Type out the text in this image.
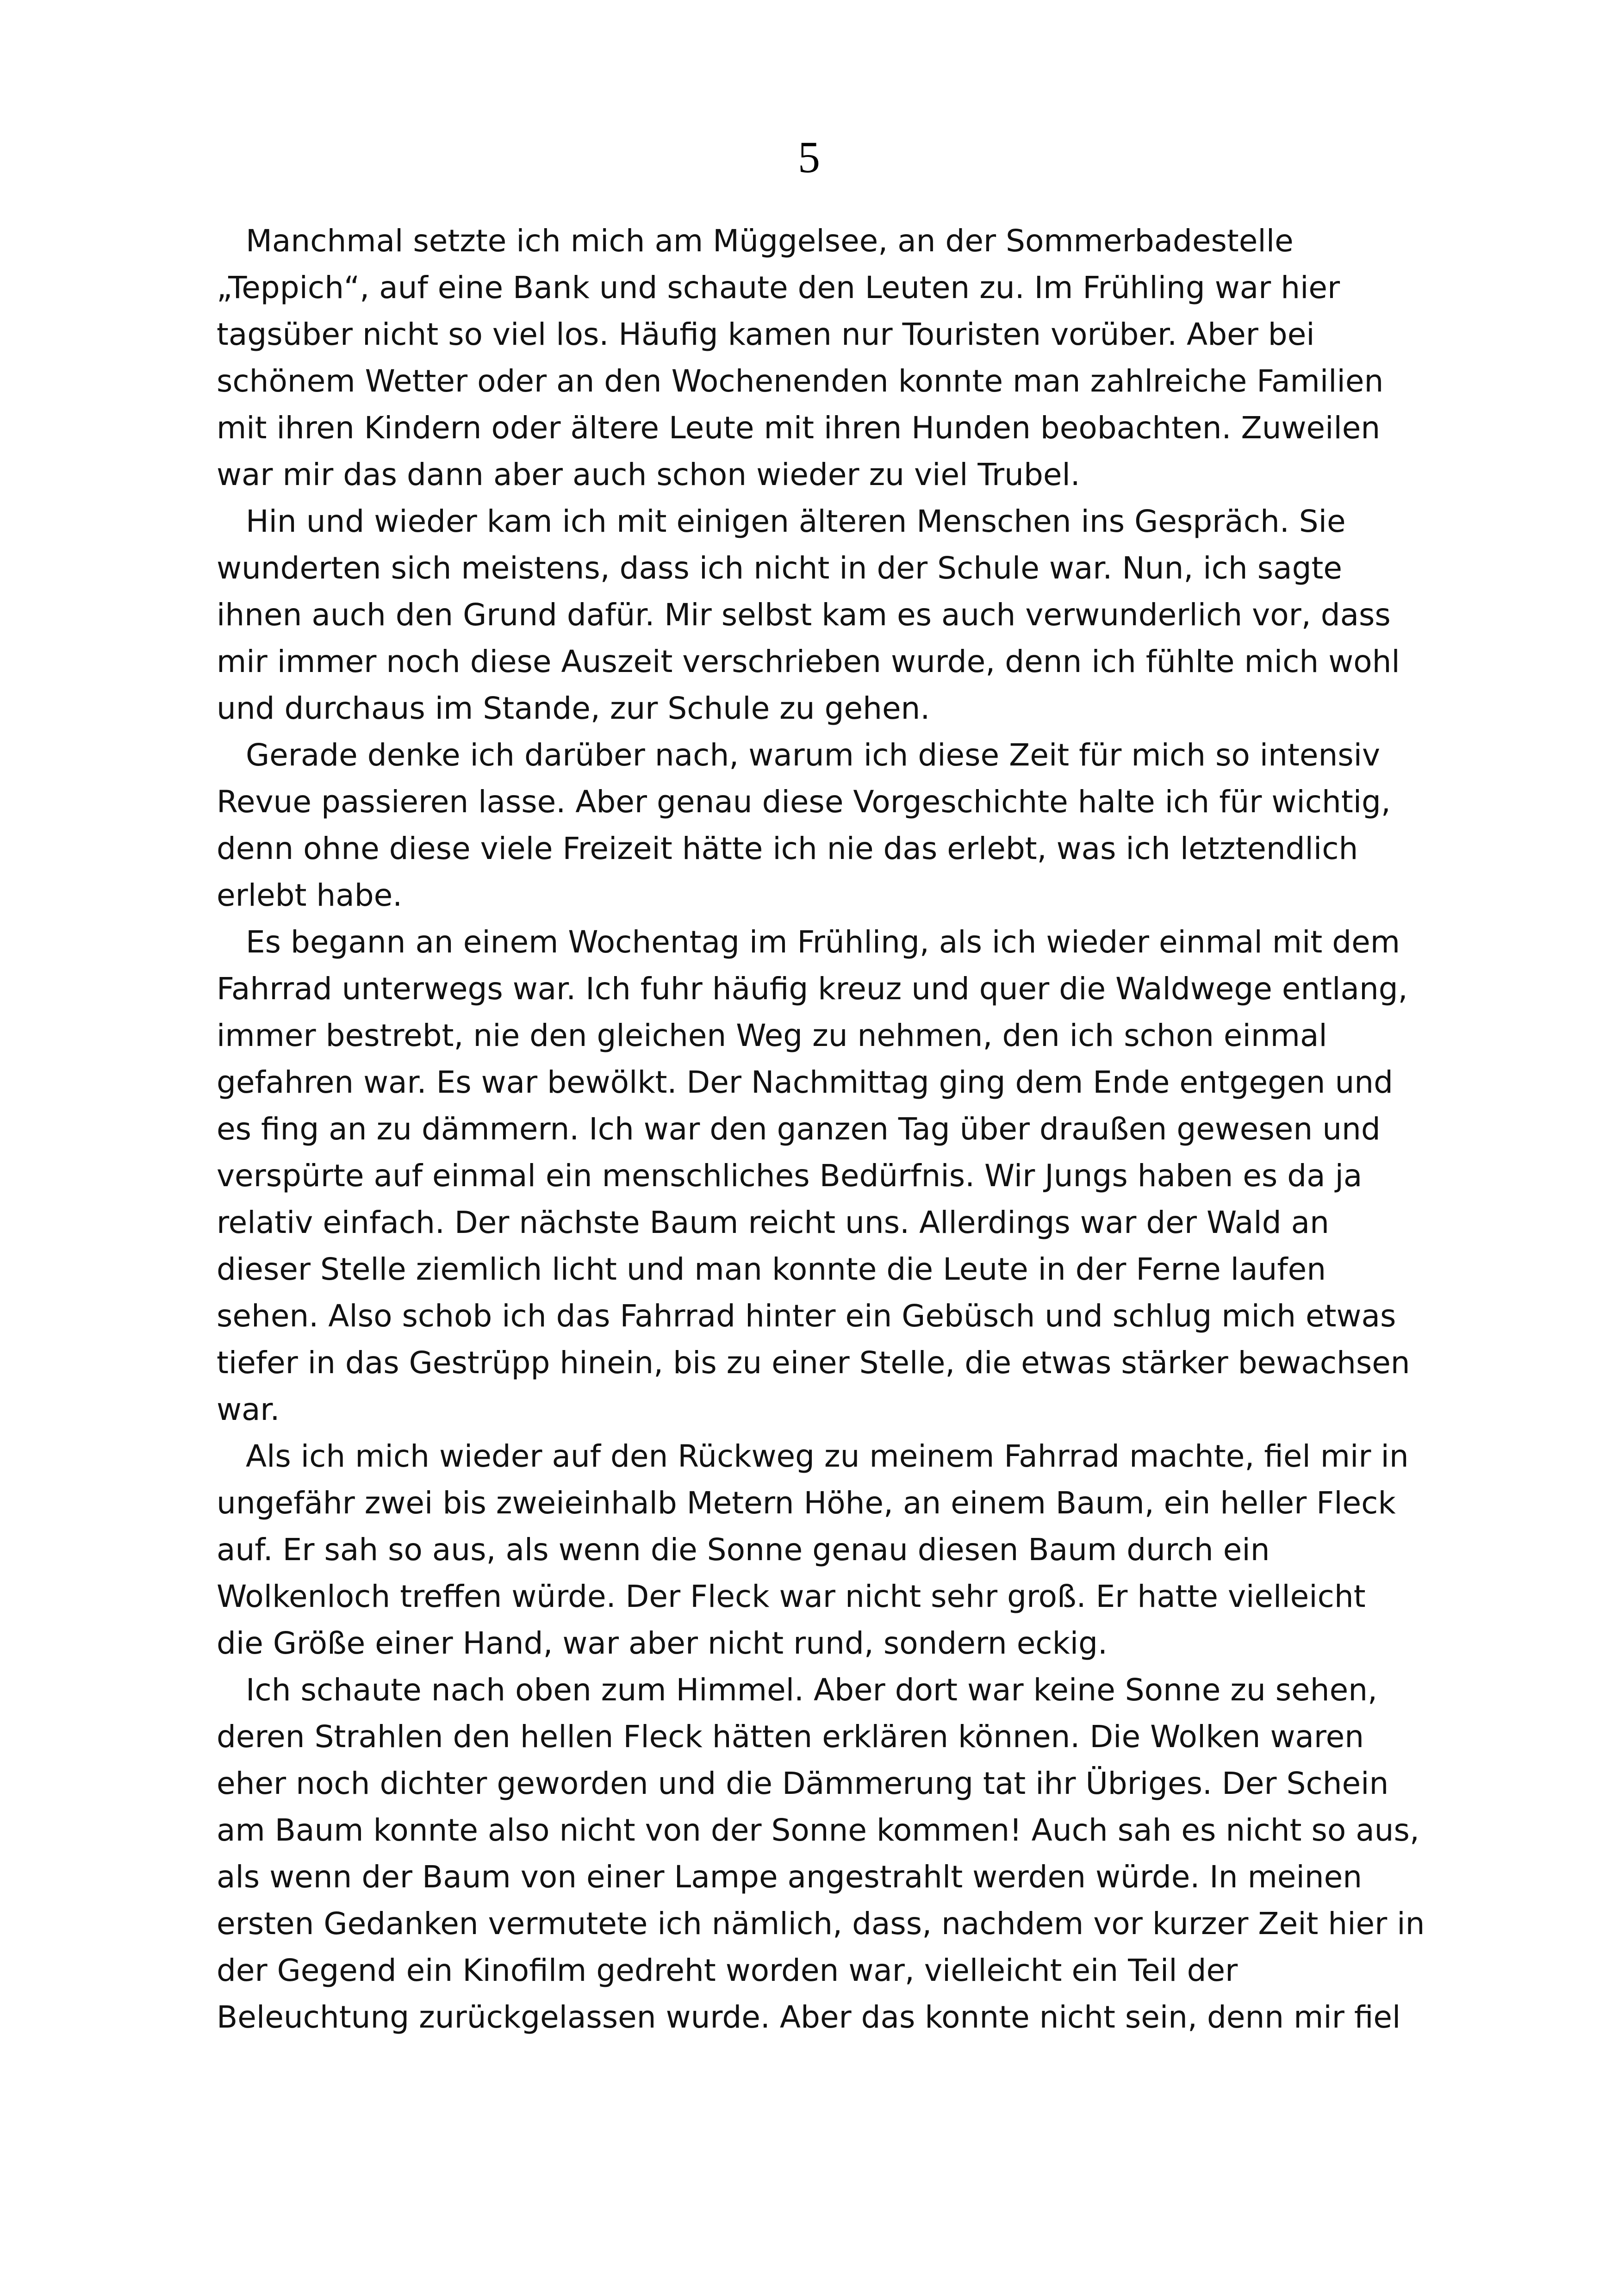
5
Manchmal setzte ich mich am Müggelsee, an der Sommerbadestelle
„Teppich“, auf eine Bank und schaute den Leuten zu. Im Frühling war hier
tagsüber nicht so viel los. Häufig kamen nur Touristen vorüber. Aber bei
schönem Wetter oder an den Wochenenden konnte man zahlreiche Familien
mit ihren Kindern oder ältere Leute mit ihren Hunden beobachten. Zuweilen
war mir das dann aber auch schon wieder zu viel Trubel.
Hin und wieder kam ich mit einigen älteren Menschen ins Gespräch. Sie
wunderten sich meistens, dass ich nicht in der Schule war. Nun, ich sagte
ihnen auch den Grund dafür. Mir selbst kam es auch verwunderlich vor, dass
mir immer noch diese Auszeit verschrieben wurde, denn ich fühlte mich wohl
und durchaus im Stande, zur Schule zu gehen.
Gerade denke ich darüber nach, warum ich diese Zeit für mich so intensiv
Revue passieren lasse. Aber genau diese Vorgeschichte halte ich für wichtig,
denn ohne diese viele Freizeit hätte ich nie das erlebt, was ich letztendlich
erlebt habe.
Es begann an einem Wochentag im Frühling, als ich wieder einmal mit dem
Fahrrad unterwegs war. Ich fuhr häufig kreuz und quer die Waldwege entlang,
immer bestrebt, nie den gleichen Weg zu nehmen, den ich schon einmal
gefahren war. Es war bewölkt. Der Nachmittag ging dem Ende entgegen und
es fing an zu dämmern. Ich war den ganzen Tag über draußen gewesen und
verspürte auf einmal ein menschliches Bedürfnis. Wir Jungs haben es da ja
relativ einfach. Der nächste Baum reicht uns. Allerdings war der Wald an
dieser Stelle ziemlich licht und man konnte die Leute in der Ferne laufen
sehen. Also schob ich das Fahrrad hinter ein Gebüsch und schlug mich etwas
tiefer in das Gestrüpp hinein, bis zu einer Stelle, die etwas stärker bewachsen
war.
Als ich mich wieder auf den Rückweg zu meinem Fahrrad machte, fiel mir in
ungefähr zwei bis zweieinhalb Metern Höhe, an einem Baum, ein heller Fleck
auf. Er sah so aus, als wenn die Sonne genau diesen Baum durch ein
Wolkenloch treffen würde. Der Fleck war nicht sehr groß. Er hatte vielleicht
die Größe einer Hand, war aber nicht rund, sondern eckig.
Ich schaute nach oben zum Himmel. Aber dort war keine Sonne zu sehen,
deren Strahlen den hellen Fleck hätten erklären können. Die Wolken waren
eher noch dichter geworden und die Dämmerung tat ihr Übriges. Der Schein
am Baum konnte also nicht von der Sonne kommen! Auch sah es nicht so aus,
als wenn der Baum von einer Lampe angestrahlt werden würde. In meinen
ersten Gedanken vermutete ich nämlich, dass, nachdem vor kurzer Zeit hier in
der Gegend ein Kinofilm gedreht worden war, vielleicht ein Teil der
Beleuchtung zurückgelassen wurde. Aber das konnte nicht sein, denn mir fiel
